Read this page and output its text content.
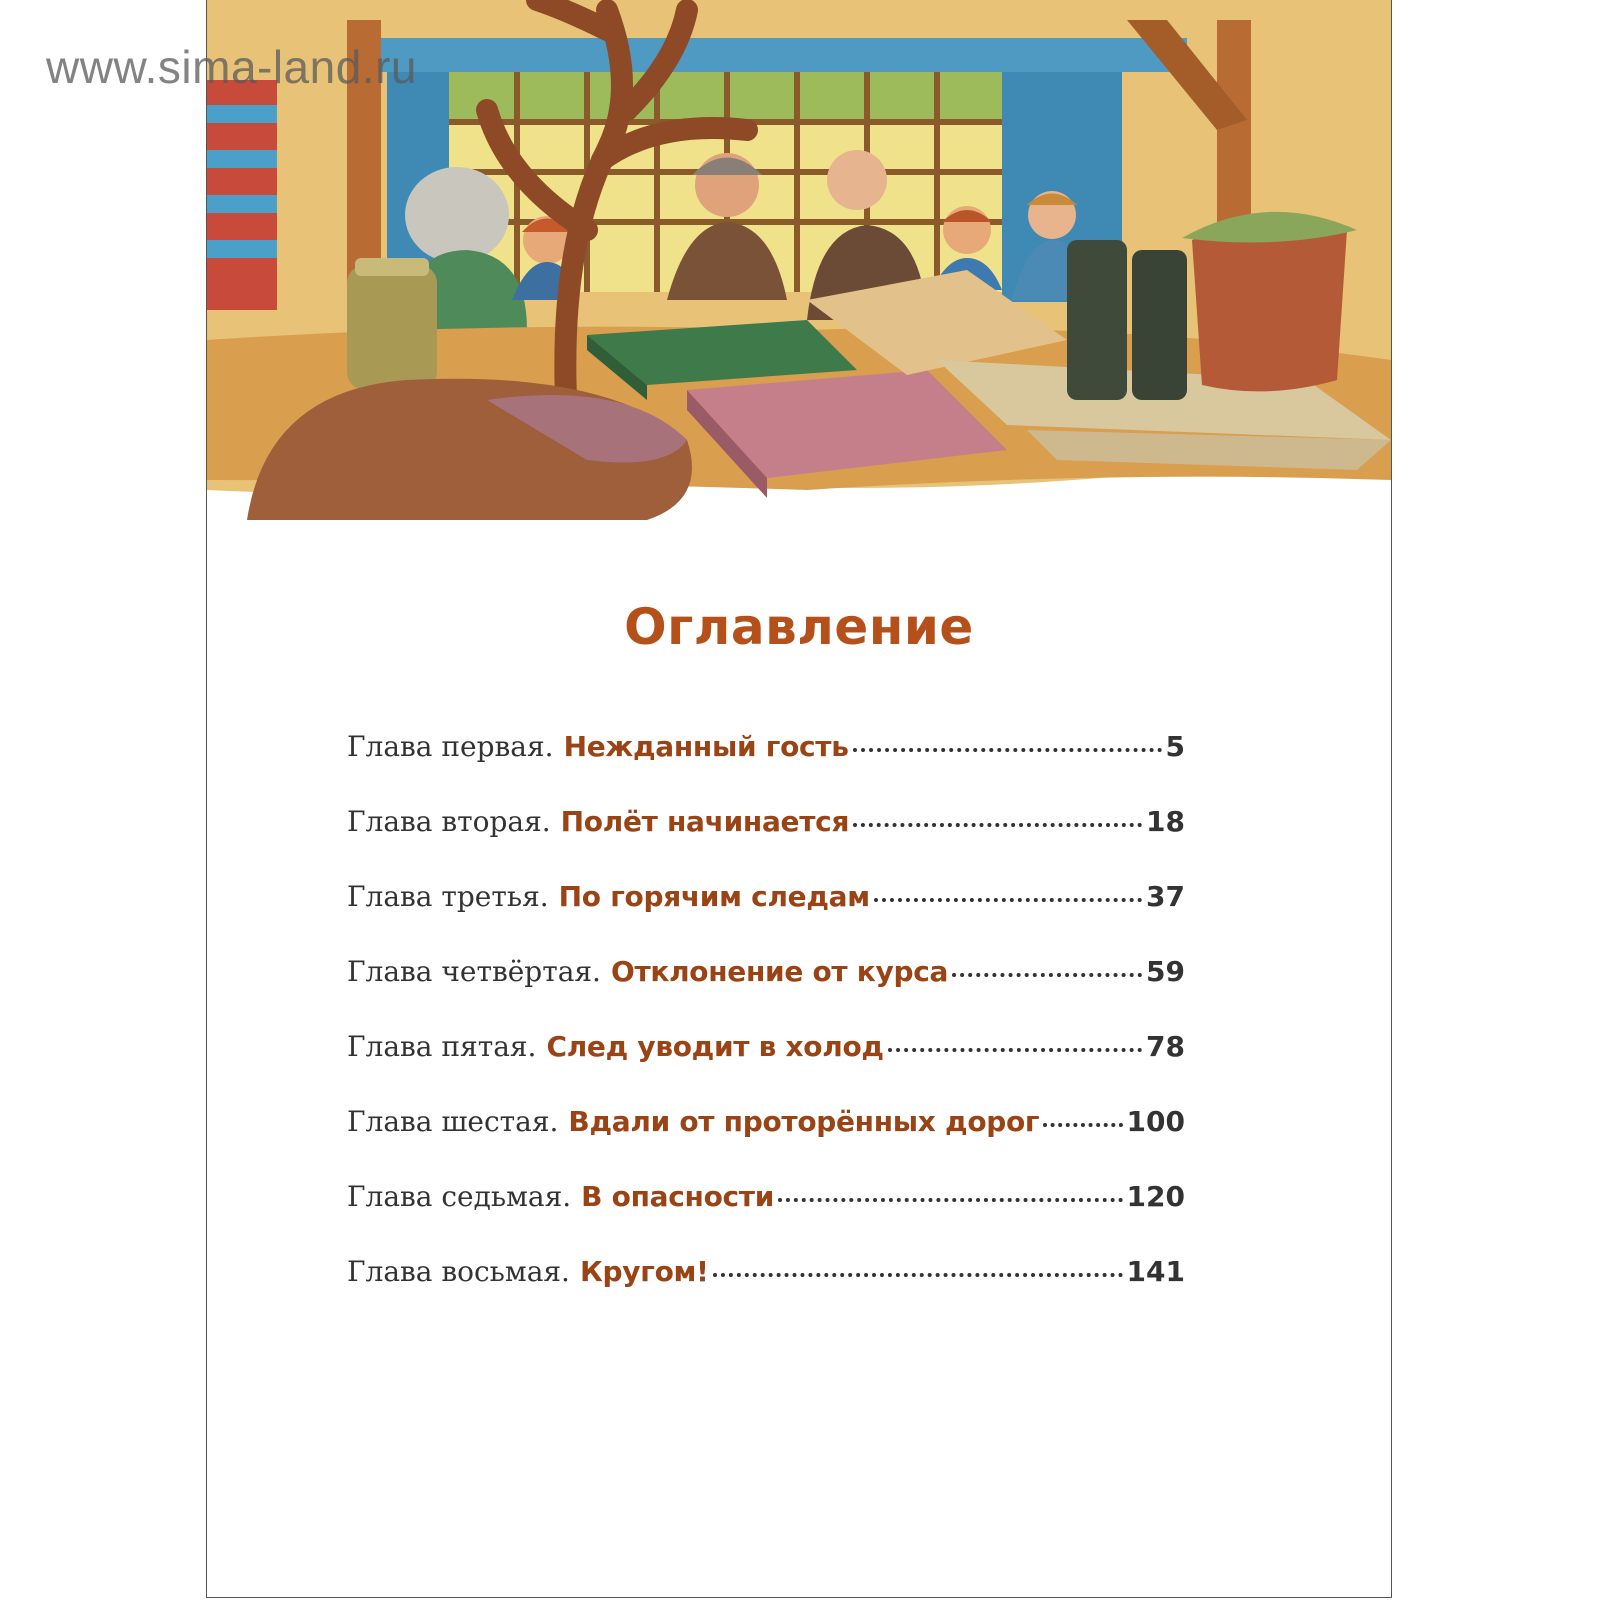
www.sima-land.ru
Оглавление
Глава первая. Нежданный гость	5
Глава вторая. Полёт начинается	18
Глава третья. По горячим следам	37
Глава четвёртая. Отклонение от курса	59
Глава пятая. След уводит в холод	78
Глава шестая. Вдали от проторённых дорог	100
Глава седьмая. В опасности	120
Глава восьмая. Кругом!	141
